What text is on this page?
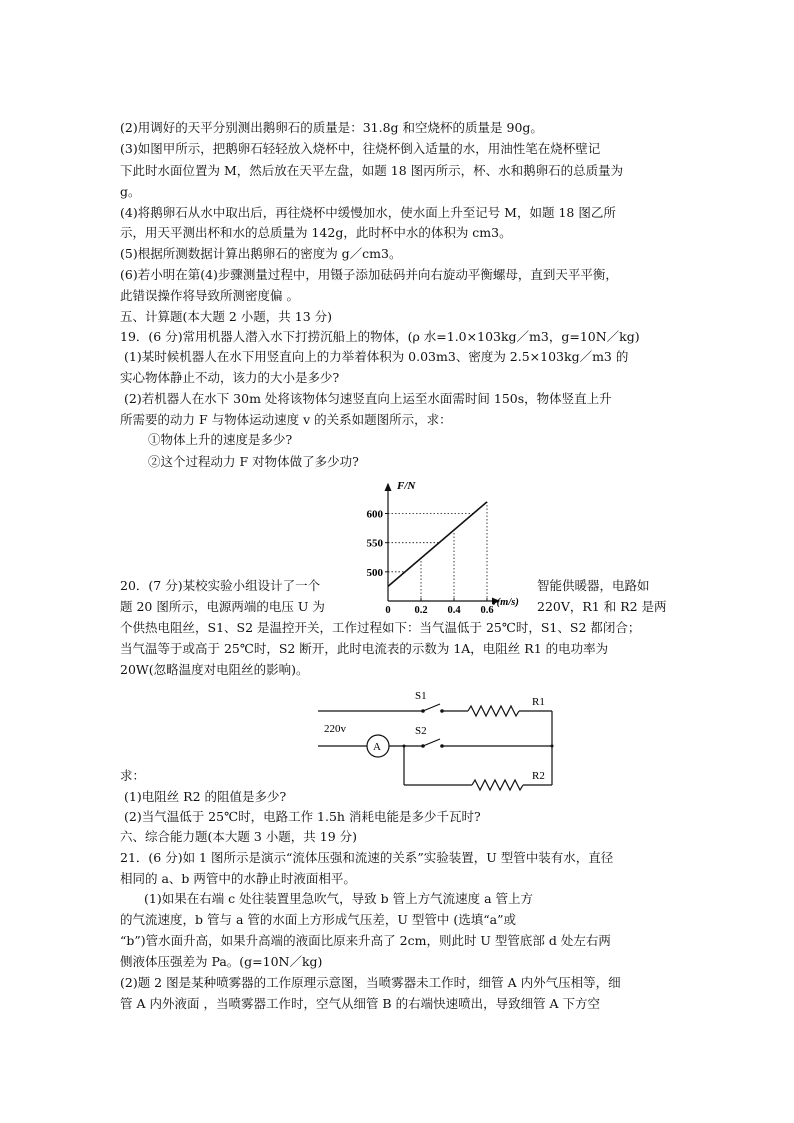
(2)用调好的天平分别测出鹅卵石的质量是：31.8g 和空烧杯的质量是 90g。
(3)如图甲所示，把鹅卵石轻轻放入烧杯中，往烧杯倒入适量的水，用油性笔在烧杯壁记
下此时水面位置为 M，然后放在天平左盘，如题 18 图丙所示，杯、水和鹅卵石的总质量为
g。
(4)将鹅卵石从水中取出后，再往烧杯中缓慢加水，使水面上升至记号 M，如题 18 图乙所
示，用天平测出杯和水的总质量为 142g，此时杯中水的体积为 cm3。
(5)根据所测数据计算出鹅卵石的密度为 g／cm3。
(6)若小明在第(4)步骤测量过程中，用镊子添加砝码并向右旋动平衡螺母，直到天平平衡，
此错误操作将导致所测密度偏 。
五、计算题(本大题 2 小题，共 13 分)
19．(6 分)常用机器人潜入水下打捞沉船上的物体，(ρ 水=1.0×103kg／m3，g=10N／kg)
(1)某时候机器人在水下用竖直向上的力举着体积为 0.03m3、密度为 2.5×103kg／m3 的
实心物体静止不动，该力的大小是多少?
(2)若机器人在水下 30m 处将该物体匀速竖直向上运至水面需时间 150s，物体竖直上升
所需要的动力 F 与物体运动速度 v 的关系如题图所示，求：
①物体上升的速度是多少?
②这个过程动力 F 对物体做了多少功?
20．(7 分)某校实验小组设计了一个	智能供暖器，电路如
题 20 图所示，电源两端的电压 U 为	220V，R1 和 R2 是两
个供热电阻丝，S1、S2 是温控开关，工作过程如下：当气温低于 25℃时，S1、S2 都闭合；
当气温等于或高于 25℃时，S2 断开，此时电流表的示数为 1A，电阻丝 R1 的电功率为
20W(忽略温度对电阻丝的影响)。
求：
(1)电阻丝 R2 的阻值是多少?
(2)当气温低于 25℃时，电路工作 1.5h 消耗电能是多少千瓦时?
六、综合能力题(本大题 3 小题，共 19 分)
21．(6 分)如 1 图所示是演示“流体压强和流速的关系”实验装置，U 型管中装有水，直径
相同的 a、b 两管中的水静止时液面相平。
(1)如果在右端 c 处往装置里急吹气，导致 b 管上方气流速度 a 管上方
的气流速度，b 管与 a 管的水面上方形成气压差，U 型管中 (选填“a”或
“b”)管水面升高，如果升高端的液面比原来升高了 2cm，则此时 U 型管底部 d 处左右两
侧液体压强差为 Pa。(g=10N／kg)
(2)题 2 图是某种喷雾器的工作原理示意图，当喷雾器未工作时，细管 A 内外气压相等，细
管 A 内外液面 ，当喷雾器工作时，空气从细管 B 的右端快速喷出，导致细管 A 下方空
500
550
600
0 0.2 0.4 0.6
F/N
v(m/s)
220v
A
S1
S2
R1
R2
